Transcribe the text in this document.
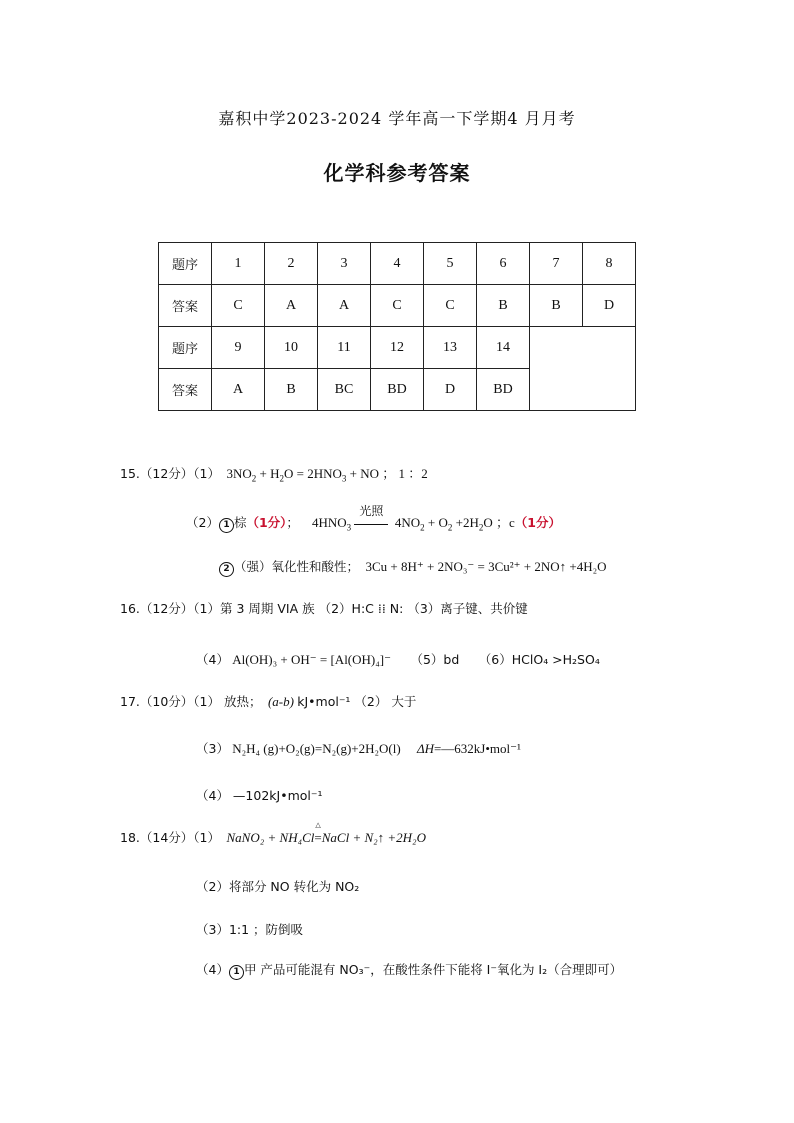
嘉积中学2023-2024 学年高一下学期4 月月考
化学科参考答案
题序	1	2	3	4	5	6	7	8
答案	C	A	A	C	C	B	B	D
题序	9	10	11	12	13	14		
答案	A	B	BC	BD	D	BD		
15.（12分）（1） $3NO_2 + H_2O = 2HNO_3$ + NO ； 1 ：2
（2） 1 棕（1分）； $4HNO_3$
光照
$4NO_2 + O_2 +2H_2O$ ；c（1分）
2 （强）氧化性和酸性； 3Cu + 8H⁺ + 2NO₃⁻ = 3Cu²⁺ + 2NO↑ +4H₂O
16.（12分）（1）第 3 周期 VIA 族 （2）H:C ⁞⁞ N: （3）离子键、共价键
（4） Al(OH)₃ + OH⁻ = [Al(OH)₄]⁻ （5）bd （6）HClO₄ >H₂SO₄
17.（10分）（1） 放热； (a-b) kJ•mol⁻¹ （2） 大于
（3） N₂H₄ (g)+O₂(g)=N₂(g)+2H₂O(l) ΔH=—632kJ•mol⁻¹
（4） —102kJ•mol⁻¹
18.（14分）（1） NaNO₂ + NH₄Cl
△
=NaCl + N₂↑ +2H₂O
（2）将部分 NO 转化为 NO₂
（3）1:1 ；防倒吸
（4） 1 甲 产品可能混有 NO₃⁻，在酸性条件下能将 I⁻氧化为 I₂（合理即可）
